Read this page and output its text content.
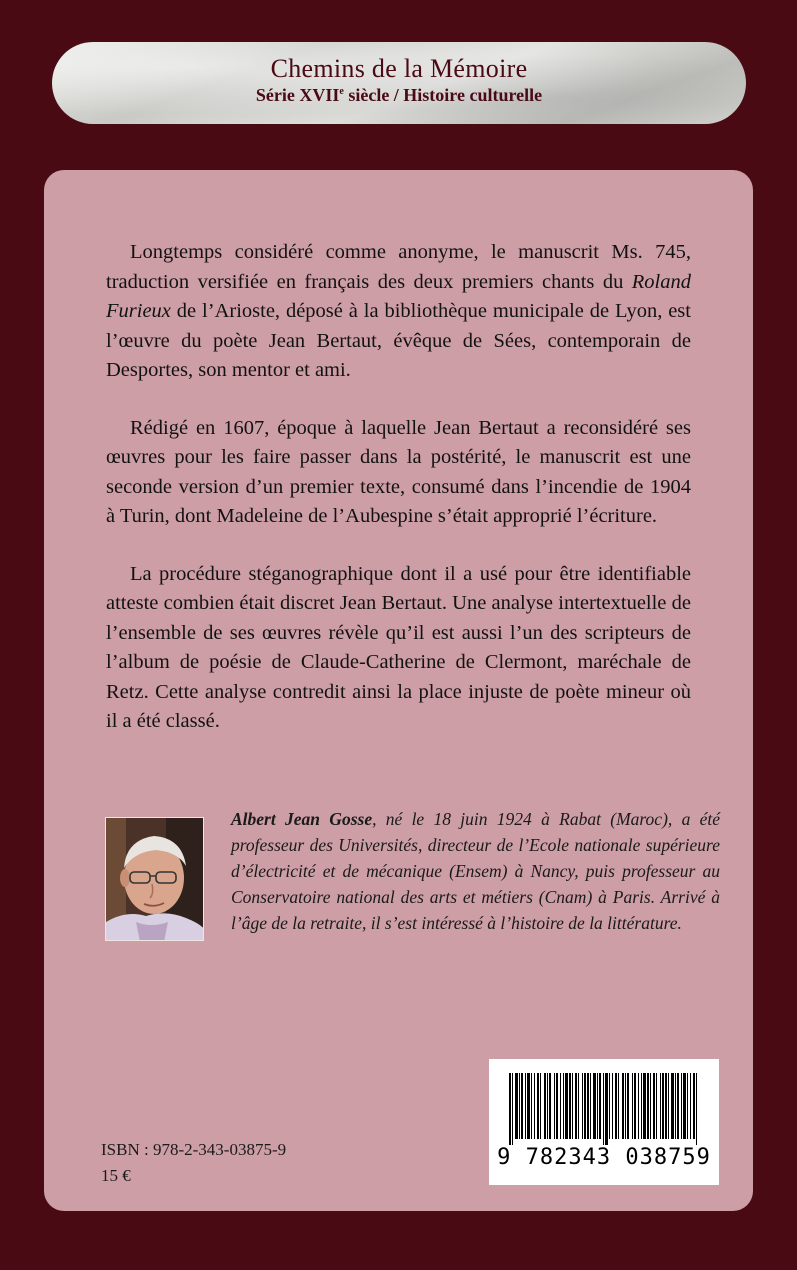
Chemins de la Mémoire
Série XVIIe siècle / Histoire culturelle

Longtemps considéré comme anonyme, le manuscrit Ms. 745, traduction versifiée en français des deux premiers chants du Roland Furieux de l’Arioste, déposé à la bibliothèque municipale de Lyon, est l’œuvre du poète Jean Bertaut, évêque de Sées, contemporain de Desportes, son mentor et ami.

Rédigé en 1607, époque à laquelle Jean Bertaut a reconsidéré ses œuvres pour les faire passer dans la postérité, le manuscrit est une seconde version d’un premier texte, consumé dans l’incendie de 1904 à Turin, dont Madeleine de l’Aubespine s’était approprié l’écriture.

La procédure stéganographique dont il a usé pour être identifiable atteste combien était discret Jean Bertaut. Une analyse intertextuelle de l’ensemble de ses œuvres révèle qu’il est aussi l’un des scripteurs de l’album de poésie de Claude-Catherine de Clermont, maréchale de Retz. Cette analyse contredit ainsi la place injuste de poète mineur où il a été classé.

Albert Jean Gosse, né le 18 juin 1924 à Rabat (Maroc), a été professeur des Universités, directeur de l’Ecole nationale supérieure d’électricité et de mécanique (Ensem) à Nancy, puis professeur au Conservatoire national des arts et métiers (Cnam) à Paris. Arrivé à l’âge de la retraite, il s’est intéressé à l’histoire de la littérature.
ISBN : 978-2-343-03875-9
15 €
9 782343 038759
